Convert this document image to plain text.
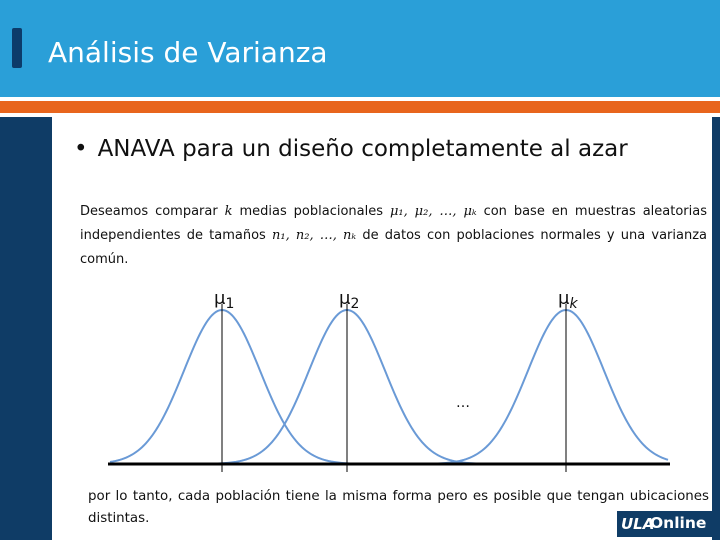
Análisis de Varianza
• ANAVA para un diseño completamente al azar
Deseamos comparar k medias poblacionales μ₁, μ₂, …, μₖ con base en muestras aleatorias independientes de tamaños n₁, n₂, …, nₖ de datos con poblaciones normales y una varianza común.
$\mu_1$	$\mu_2$	$\mu_k$
…
por lo tanto, cada población tiene la misma forma pero es posible que tengan ubicaciones distintas.	ULA
Online
